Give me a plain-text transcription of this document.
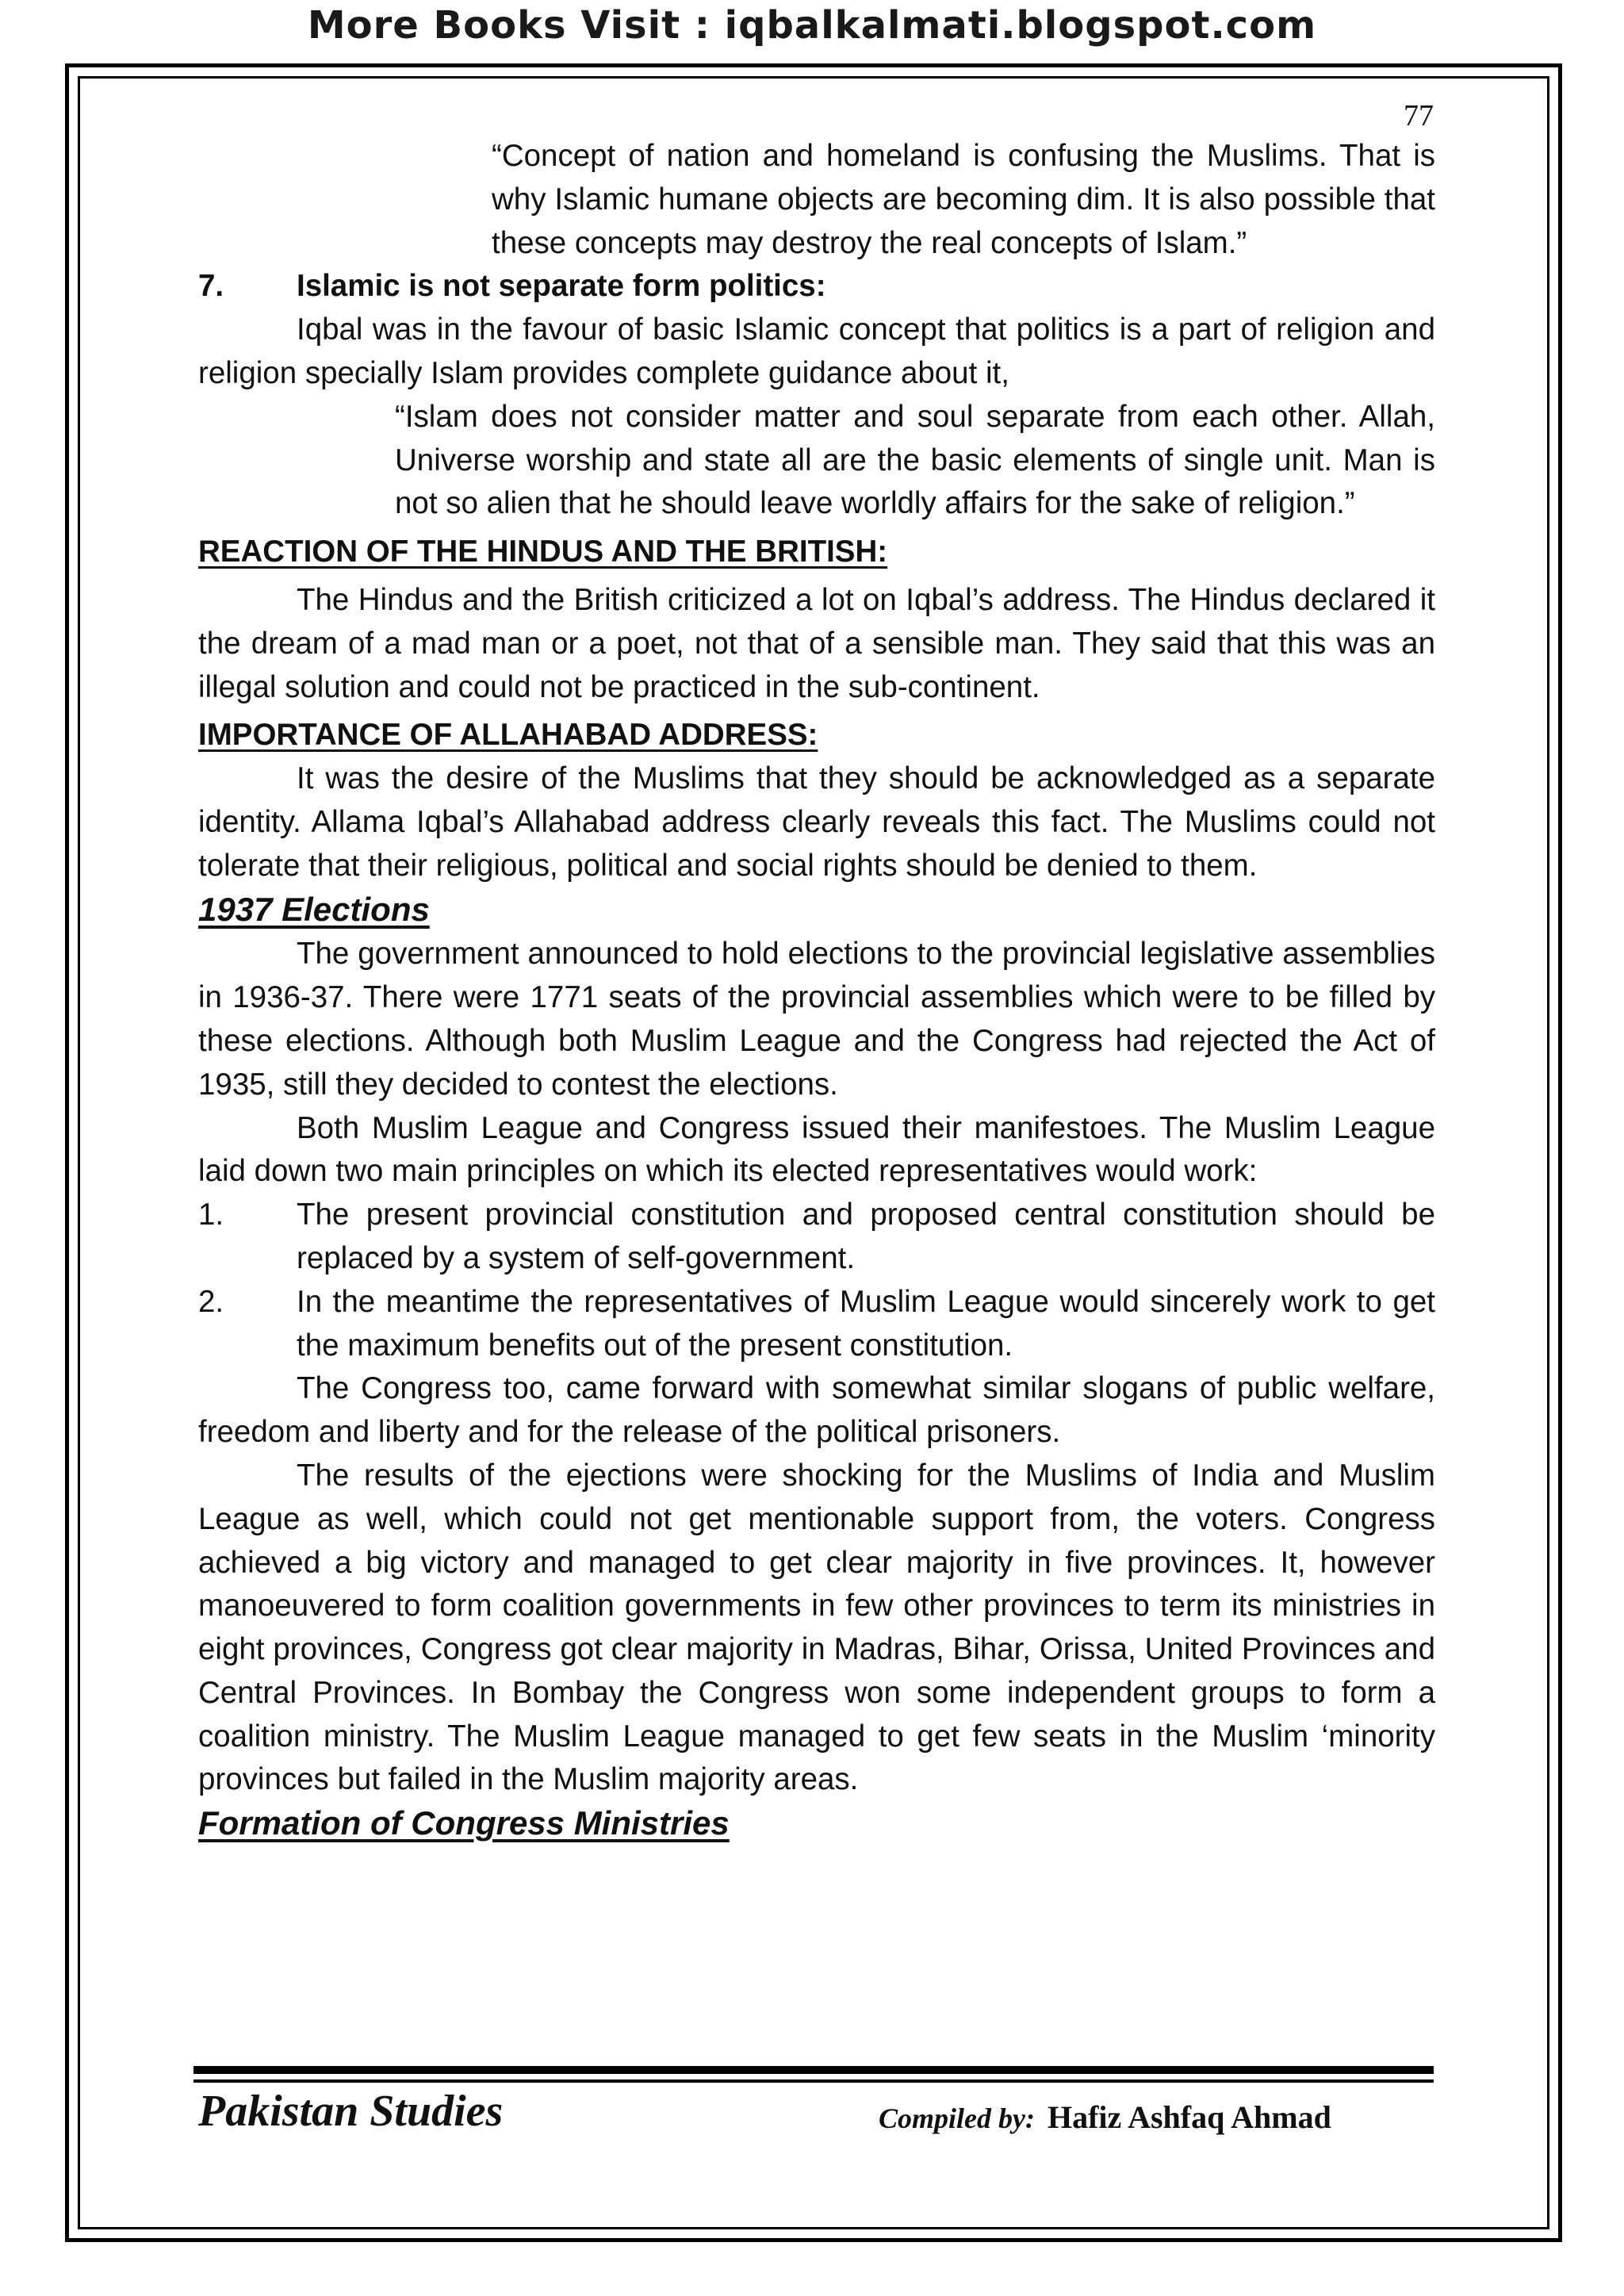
More Books Visit : iqbalkalmati.blogspot.com
77

“Concept of nation and homeland is confusing the Muslims. That is why Islamic humane objects are becoming dim. It is also possible that these concepts may destroy the real concepts of Islam.”

7.	Islamic is not separate form politics:

Iqbal was in the favour of basic Islamic concept that politics is a part of religion and religion specially Islam provides complete guidance about it,

“Islam does not consider matter and soul separate from each other. Allah, Universe worship and state all are the basic elements of single unit. Man is not so alien that he should leave worldly affairs for the sake of religion.”

REACTION OF THE HINDUS AND THE BRITISH:

The Hindus and the British criticized a lot on Iqbal’s address. The Hindus declared it the dream of a mad man or a poet, not that of a sensible man. They said that this was an illegal solution and could not be practiced in the sub-continent.

IMPORTANCE OF ALLAHABAD ADDRESS:

It was the desire of the Muslims that they should be acknowledged as a separate identity. Allama Iqbal’s Allahabad address clearly reveals this fact. The Muslims could not tolerate that their religious, political and social rights should be denied to them.

1937 Elections

The government announced to hold elections to the provincial legislative assemblies in 1936-37. There were 1771 seats of the provincial assemblies which were to be filled by these elections. Although both Muslim League and the Congress had rejected the Act of 1935, still they decided to contest the elections.

Both Muslim League and Congress issued their manifestoes. The Muslim League laid down two main principles on which its elected representatives would work:

1.	The present provincial constitution and proposed central constitution should be replaced by a system of self-government.

2.	In the meantime the representatives of Muslim League would sincerely work to get the maximum benefits out of the present constitution.

The Congress too, came forward with somewhat similar slogans of public welfare, freedom and liberty and for the release of the political prisoners.

The results of the ejections were shocking for the Muslims of India and Muslim League as well, which could not get mentionable support from, the voters. Congress achieved a big victory and managed to get clear majority in five provinces. It, however manoeuvered to form coalition governments in few other provinces to term its ministries in eight provinces, Congress got clear majority in Madras, Bihar, Orissa, United Provinces and Central Provinces. In Bombay the Congress won some independent groups to form a coalition ministry. The Muslim League managed to get few seats in the Muslim ‘minority provinces but failed in the Muslim majority areas.

Formation of Congress Ministries

Pakistan Studies	Compiled by: Hafiz Ashfaq Ahmad
